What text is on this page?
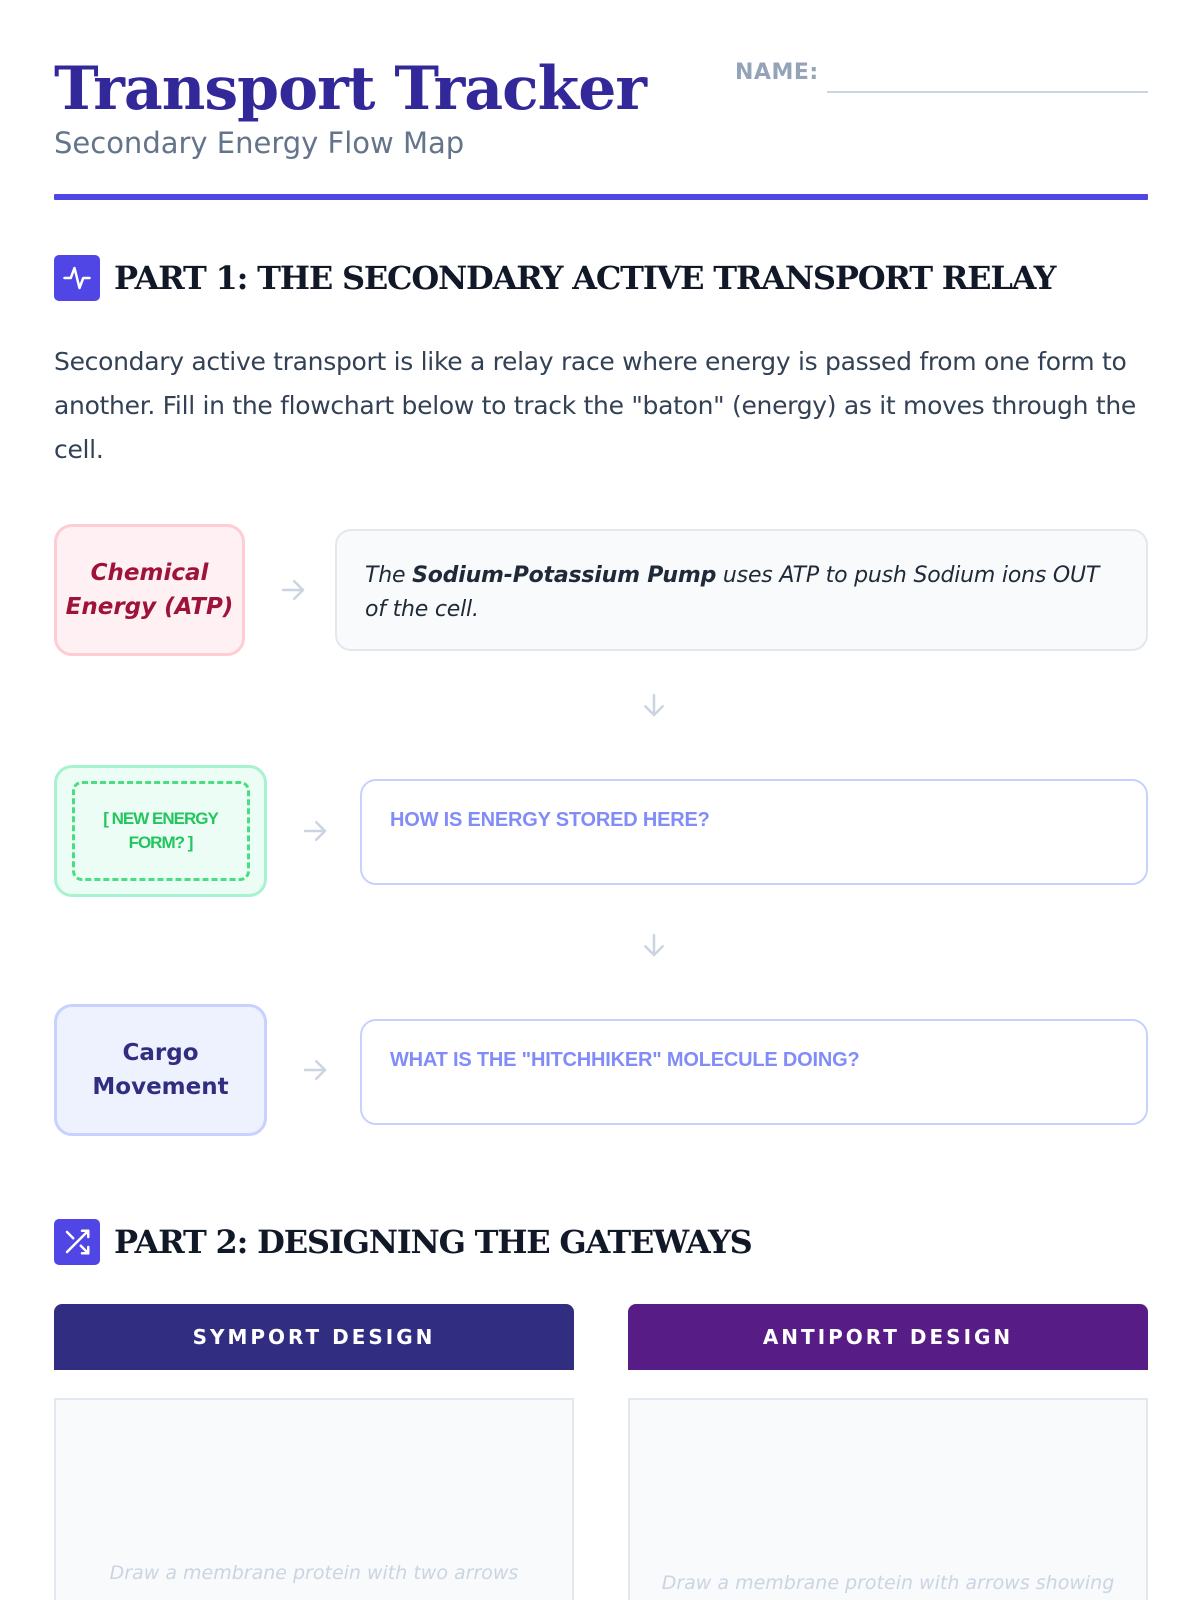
Transport Tracker
Secondary Energy Flow Map
NAME:
PART 1: THE SECONDARY ACTIVE TRANSPORT RELAY

Secondary active transport is like a relay race where energy is passed from one form to another. Fill in the flowchart below to track the "baton" (energy) as it moves through the cell.

Chemical Energy (ATP)

The Sodium-Potassium Pump uses ATP to push Sodium ions OUT of the cell.

[ NEW ENERGY FORM? ]
HOW IS ENERGY STORED HERE?
Cargo Movement
WHAT IS THE "HITCHHIKER" MOLECULE DOING?
PART 2: DESIGNING THE GATEWAYS
SYMPORT DESIGN	ANTIPORT DESIGN
Draw a membrane protein with two arrows	Draw a membrane protein with arrows showing
